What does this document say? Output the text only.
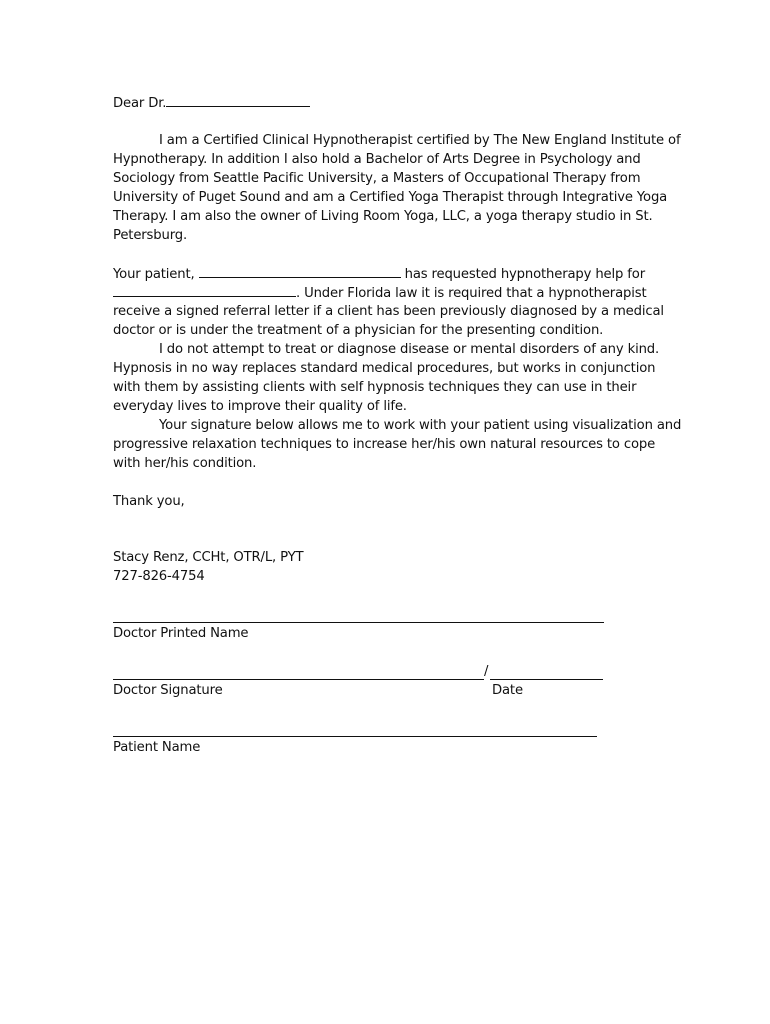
Dear Dr.
I am a Certified Clinical Hypnotherapist certified by The New England Institute of
Hypnotherapy. In addition I also hold a Bachelor of Arts Degree in Psychology and
Sociology from Seattle Pacific University, a Masters of Occupational Therapy from
University of Puget Sound and am a Certified Yoga Therapist through Integrative Yoga
Therapy. I am also the owner of Living Room Yoga, LLC, a yoga therapy studio in St.
Petersburg.
Your patient,	has requested hypnotherapy help for
. Under Florida law it is required that a hypnotherapist
receive a signed referral letter if a client has been previously diagnosed by a medical
doctor or is under the treatment of a physician for the presenting condition.
I do not attempt to treat or diagnose disease or mental disorders of any kind.
Hypnosis in no way replaces standard medical procedures, but works in conjunction
with them by assisting clients with self hypnosis techniques they can use in their
everyday lives to improve their quality of life.
Your signature below allows me to work with your patient using visualization and
progressive relaxation techniques to increase her/his own natural resources to cope
with her/his condition.
Thank you,
Stacy Renz, CCHt, OTR/L, PYT
727-826-4754
Doctor Printed Name
/
Doctor Signature	Date
Patient Name
